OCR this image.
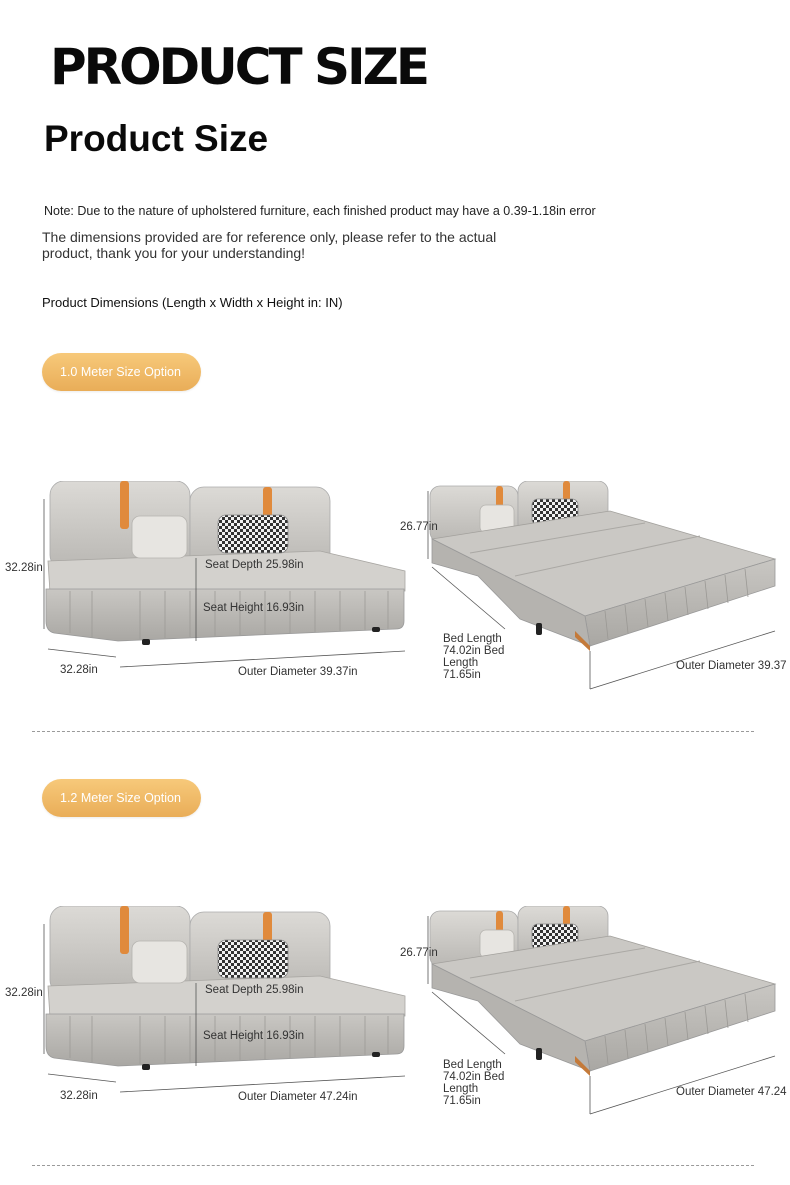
PRODUCT SIZE
Product Size
Note: Due to the nature of upholstered furniture, each finished product may have a 0.39-1.18in error
The dimensions provided are for reference only, please refer to the actual product, thank you for your understanding!
Product Dimensions (Length x Width x Height in: IN)
1.0 Meter Size Option
32.28in	Seat Depth 25.98in
Seat Height 16.93in
32.28in	Outer Diameter 39.37in
26.77in
Bed Length
74.02in Bed
Length
71.65in
Outer Diameter 39.37
1.2 Meter Size Option
32.28in	Seat Depth 25.98in
Seat Height 16.93in
32.28in	Outer Diameter 47.24in
26.77in
Bed Length
74.02in Bed
Length
71.65in
Outer Diameter 47.24
